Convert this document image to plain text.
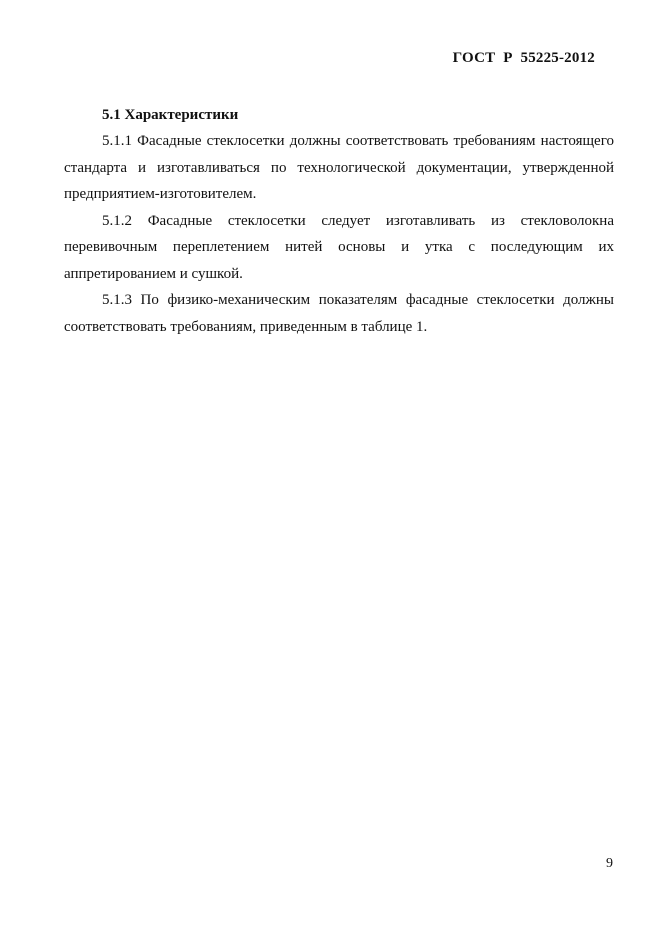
ГОСТ  Р  55225-2012

5.1 Характеристики

5.1.1 Фасадные стеклосетки должны соответствовать требованиям настоящего стандарта и изготавливаться по технологической документации, утвержденной предприятием-изготовителем.

5.1.2 Фасадные стеклосетки следует изготавливать из стекловолокна перевивочным переплетением нитей основы и утка с последующим их аппретированием и сушкой.

5.1.3 По физико-механическим показателям фасадные стеклосетки должны соответствовать требованиям, приведенным в таблице 1.

9
